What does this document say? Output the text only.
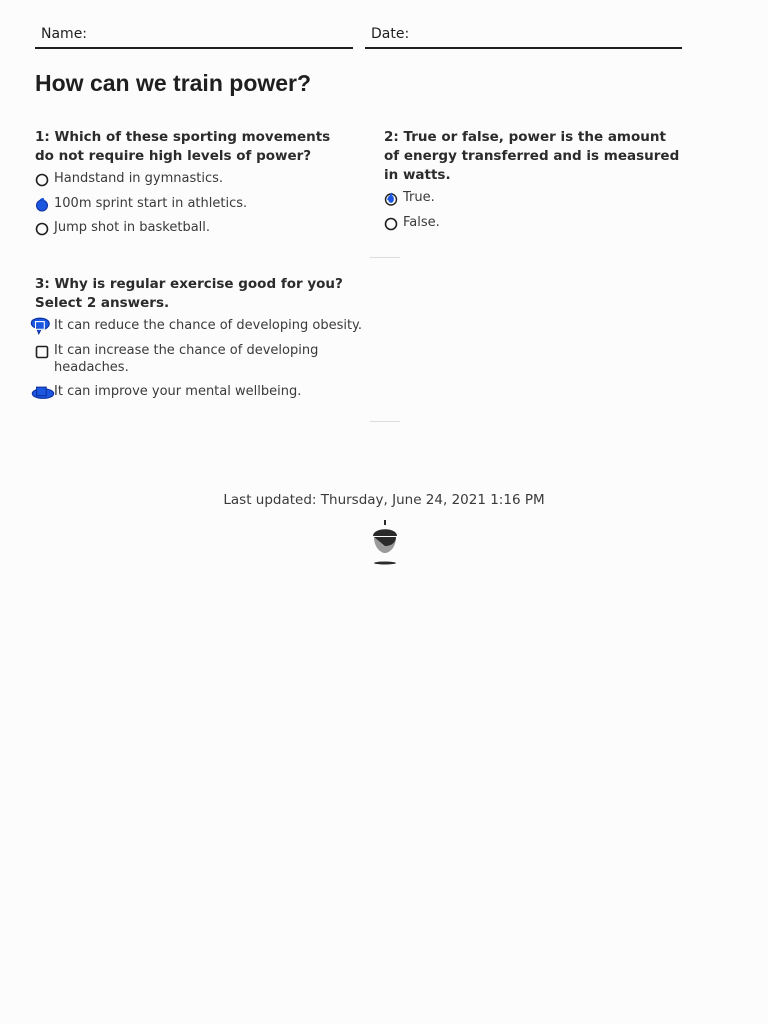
Name:	Date:
How can we train power?
1: Which of these sporting movements do not require high levels of power?
Handstand in gymnastics.
100m sprint start in athletics.
Jump shot in basketball.
2: True or false, power is the amount of energy transferred and is measured in watts.
True.
False.
3: Why is regular exercise good for you? Select 2 answers.
It can reduce the chance of developing obesity.
It can increase the chance of developing headaches.
It can improve your mental wellbeing.
Last updated: Thursday, June 24, 2021 1:16 PM
